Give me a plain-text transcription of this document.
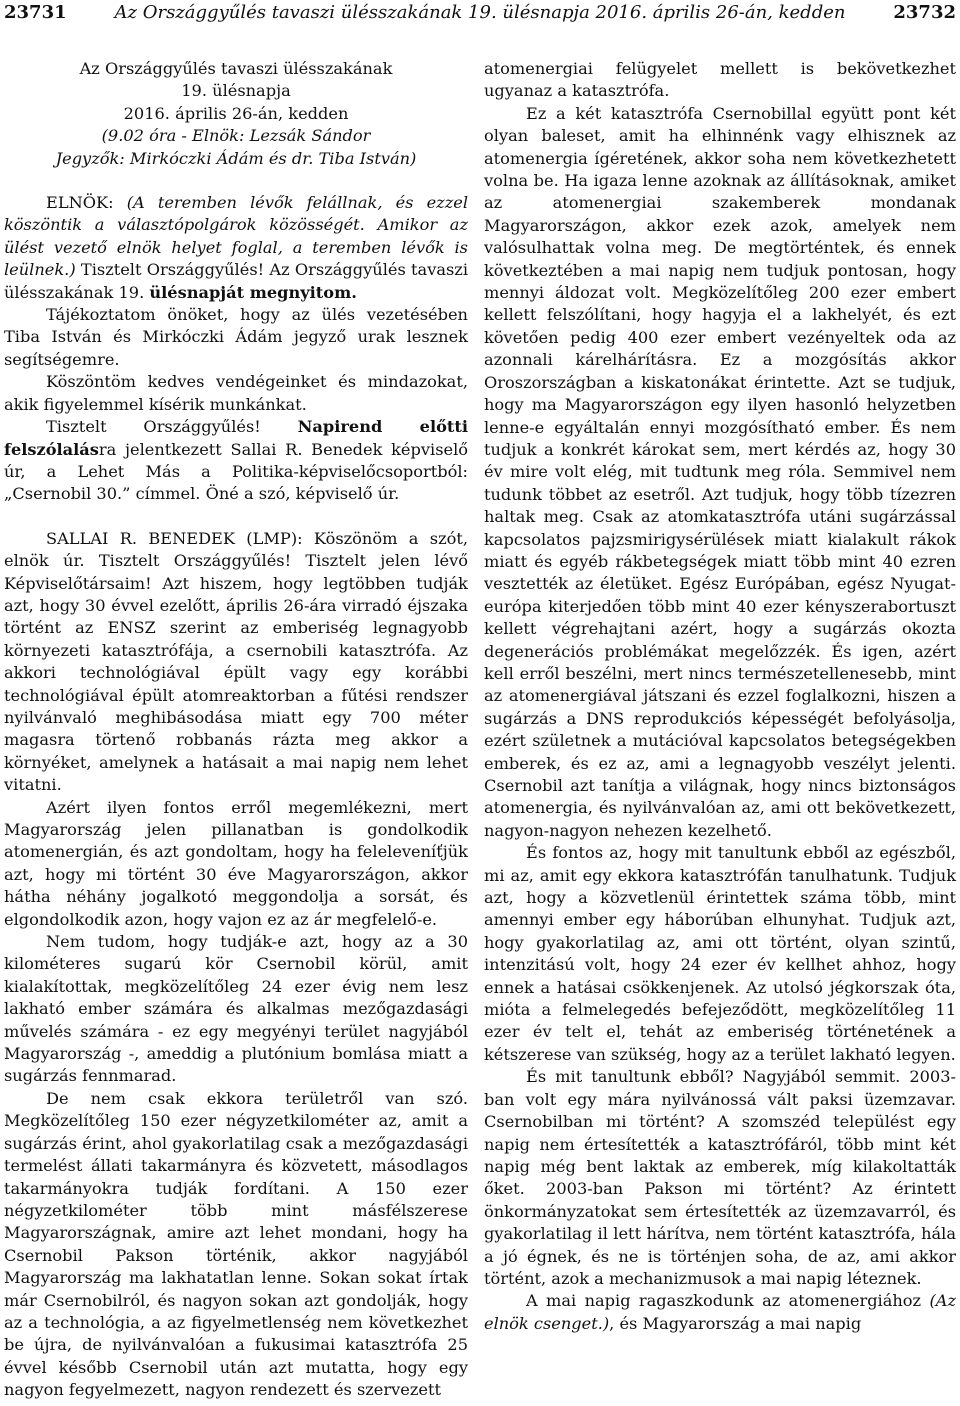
23731	Az Országgyűlés tavaszi ülésszakának 19. ülésnapja 2016. április 26-án, kedden	23732
Az Országgyűlés tavaszi ülésszakának
19. ülésnapja
2016. április 26-án, kedden
(9.02 óra - Elnök: Lezsák Sándor
Jegyzők: Mirkóczki Ádám és dr. Tiba István)

ELNÖK: (A teremben lévők felállnak, és ezzel köszöntik a választópolgárok közösségét. Amikor az ülést vezető elnök helyet foglal, a teremben lévők is leülnek.) Tisztelt Országgyűlés! Az Országgyűlés tavaszi ülésszakának 19. ülésnapját megnyitom.

Tájékoztatom önöket, hogy az ülés vezetésében Tiba István és Mirkóczki Ádám jegyző urak lesznek segítségemre.

Köszöntöm kedves vendégeinket és mindazokat, akik figyelemmel kísérik munkánkat.

Tisztelt Országgyűlés! Napirend előtti felszólalásra jelentkezett Sallai R. Benedek képviselő úr, a Lehet Más a Politika-képviselőcsoportból: „Csernobil 30.” címmel. Öné a szó, képviselő úr.

SALLAI R. BENEDEK (LMP): Köszönöm a szót, elnök úr. Tisztelt Országgyűlés! Tisztelt jelen lévő Képviselőtársaim! Azt hiszem, hogy legtöbben tudják azt, hogy 30 évvel ezelőtt, április 26-ára virradó éjszaka történt az ENSZ szerint az emberiség legnagyobb környezeti katasztrófája, a csernobili katasztrófa. Az akkori technológiával épült vagy egy korábbi technológiával épült atomreaktorban a fűtési rendszer nyilvánvaló meghibásodása miatt egy 700 méter magasra törtenő robbanás rázta meg akkor a környéket, amelynek a hatásait a mai napig nem lehet vitatni.

Azért ilyen fontos erről megemlékezni, mert Magyarország jelen pillanatban is gondolkodik atomenergián, és azt gondoltam, hogy ha feleleveníťjük azt, hogy mi történt 30 éve Magyarországon, akkor hátha néhány jogalkotó meggondolja a sorsát, és elgondolkodik azon, hogy vajon ez az ár megfelelő-e.

Nem tudom, hogy tudják-e azt, hogy az a 30 kilométeres sugarú kör Csernobil körül, amit kialakítottak, megközelítőleg 24 ezer évig nem lesz lakható ember számára és alkalmas mezőgazdasági művelés számára - ez egy megyényi terület nagyjából Magyarország -, ameddig a plutónium bomlása miatt a sugárzás fennmarad.

De nem csak ekkora területről van szó. Megközelítőleg 150 ezer négyzetkilométer az, amit a sugárzás érint, ahol gyakorlatilag csak a mezőgazdasági termelést állati takarmányra és közvetett, másodlagos takarmányokra tudják fordítani. A 150 ezer négyzetkilométer több mint másfélszerese Magyarországnak, amire azt lehet mondani, hogy ha Csernobil Pakson történik, akkor nagyjából Magyarország ma lakhatatlan lenne. Sokan sokat írtak már Csernobilról, és nagyon sokan azt gondolják, hogy az a technológia, a az figyelmetlenség nem következhet be újra, de nyilvánvalóan a fukusimai katasztrófa 25 évvel később Csernobil után azt mutatta, hogy egy nagyon fegyelmezett, nagyon rendezett és szervezett

atomenergiai felügyelet mellett is bekövetkezhet ugyanaz a katasztrófa.

Ez a két katasztrófa Csernobillal együtt pont két olyan baleset, amit ha elhinnénk vagy elhisznek az atomenergia ígéretének, akkor soha nem következhetett volna be. Ha igaza lenne azoknak az állításoknak, amiket az atomenergiai szakemberek mondanak Magyarországon, akkor ezek azok, amelyek nem valósulhattak volna meg. De megtörténtek, és ennek következtében a mai napig nem tudjuk pontosan, hogy mennyi áldozat volt. Megközelítőleg 200 ezer embert kellett felszólítani, hogy hagyja el a lakhelyét, és ezt követően pedig 400 ezer embert vezényeltek oda az azonnali kárelhárításra. Ez a mozgósítás akkor Oroszországban a kiskatonákat érintette. Azt se tudjuk, hogy ma Magyarországon egy ilyen hasonló helyzetben lenne-e egyáltalán ennyi mozgósítható ember. És nem tudjuk a konkrét károkat sem, mert kérdés az, hogy 30 év mire volt elég, mit tudtunk meg róla. Semmivel nem tudunk többet az esetről. Azt tudjuk, hogy több tízezren haltak meg. Csak az atomkatasztrófa utáni sugárzással kapcsolatos pajzsmirigysérülések miatt kialakult rákok miatt és egyéb rákbetegségek miatt több mint 40 ezren vesztették az életüket. Egész Európában, egész Nyugat-európa kiterjedően több mint 40 ezer kényszerabortuszt kellett végrehajtani azért, hogy a sugárzás okozta degenerációs problémákat megelőzzék. És igen, azért kell erről beszélni, mert nincs természetellenesebb, mint az atomenergiával játszani és ezzel foglalkozni, hiszen a sugárzás a DNS reprodukciós képességét befolyásolja, ezért születnek a mutációval kapcsolatos betegségekben emberek, és ez az, ami a legnagyobb veszélyt jelenti. Csernobil azt tanítja a világnak, hogy nincs biztonságos atomenergia, és nyilvánvalóan az, ami ott bekövetkezett, nagyon-nagyon nehezen kezelhető.

És fontos az, hogy mit tanultunk ebből az egészből, mi az, amit egy ekkora katasztrófán tanulhatunk. Tudjuk azt, hogy a közvetlenül érintettek száma több, mint amennyi ember egy háborúban elhunyhat. Tudjuk azt, hogy gyakorlatilag az, ami ott történt, olyan szintű, intenzitású volt, hogy 24 ezer év kellhet ahhoz, hogy ennek a hatásai csökkenjenek. Az utolsó jégkorszak óta, mióta a felmelegedés befejeződött, megközelítőleg 11 ezer év telt el, tehát az emberiség történetének a kétszerese van szükség, hogy az a terület lakható legyen.

És mit tanultunk ebből? Nagyjából semmit. 2003-ban volt egy mára nyilvánossá vált paksi üzemzavar. Csernobilban mi történt? A szomszéd települést egy napig nem értesítették a katasztrófáról, több mint két napig még bent laktak az emberek, míg kilakoltatták őket. 2003-ban Pakson mi történt? Az érintett önkormányzatokat sem értesítették az üzemzavarról, és gyakorlatilag il lett hárítva, nem történt katasztrófa, hála a jó égnek, és ne is történjen soha, de az, ami akkor történt, azok a mechanizmusok a mai napig léteznek.

A mai napig ragaszkodunk az atomenergiához (Az elnök csenget.), és Magyarország a mai napig
